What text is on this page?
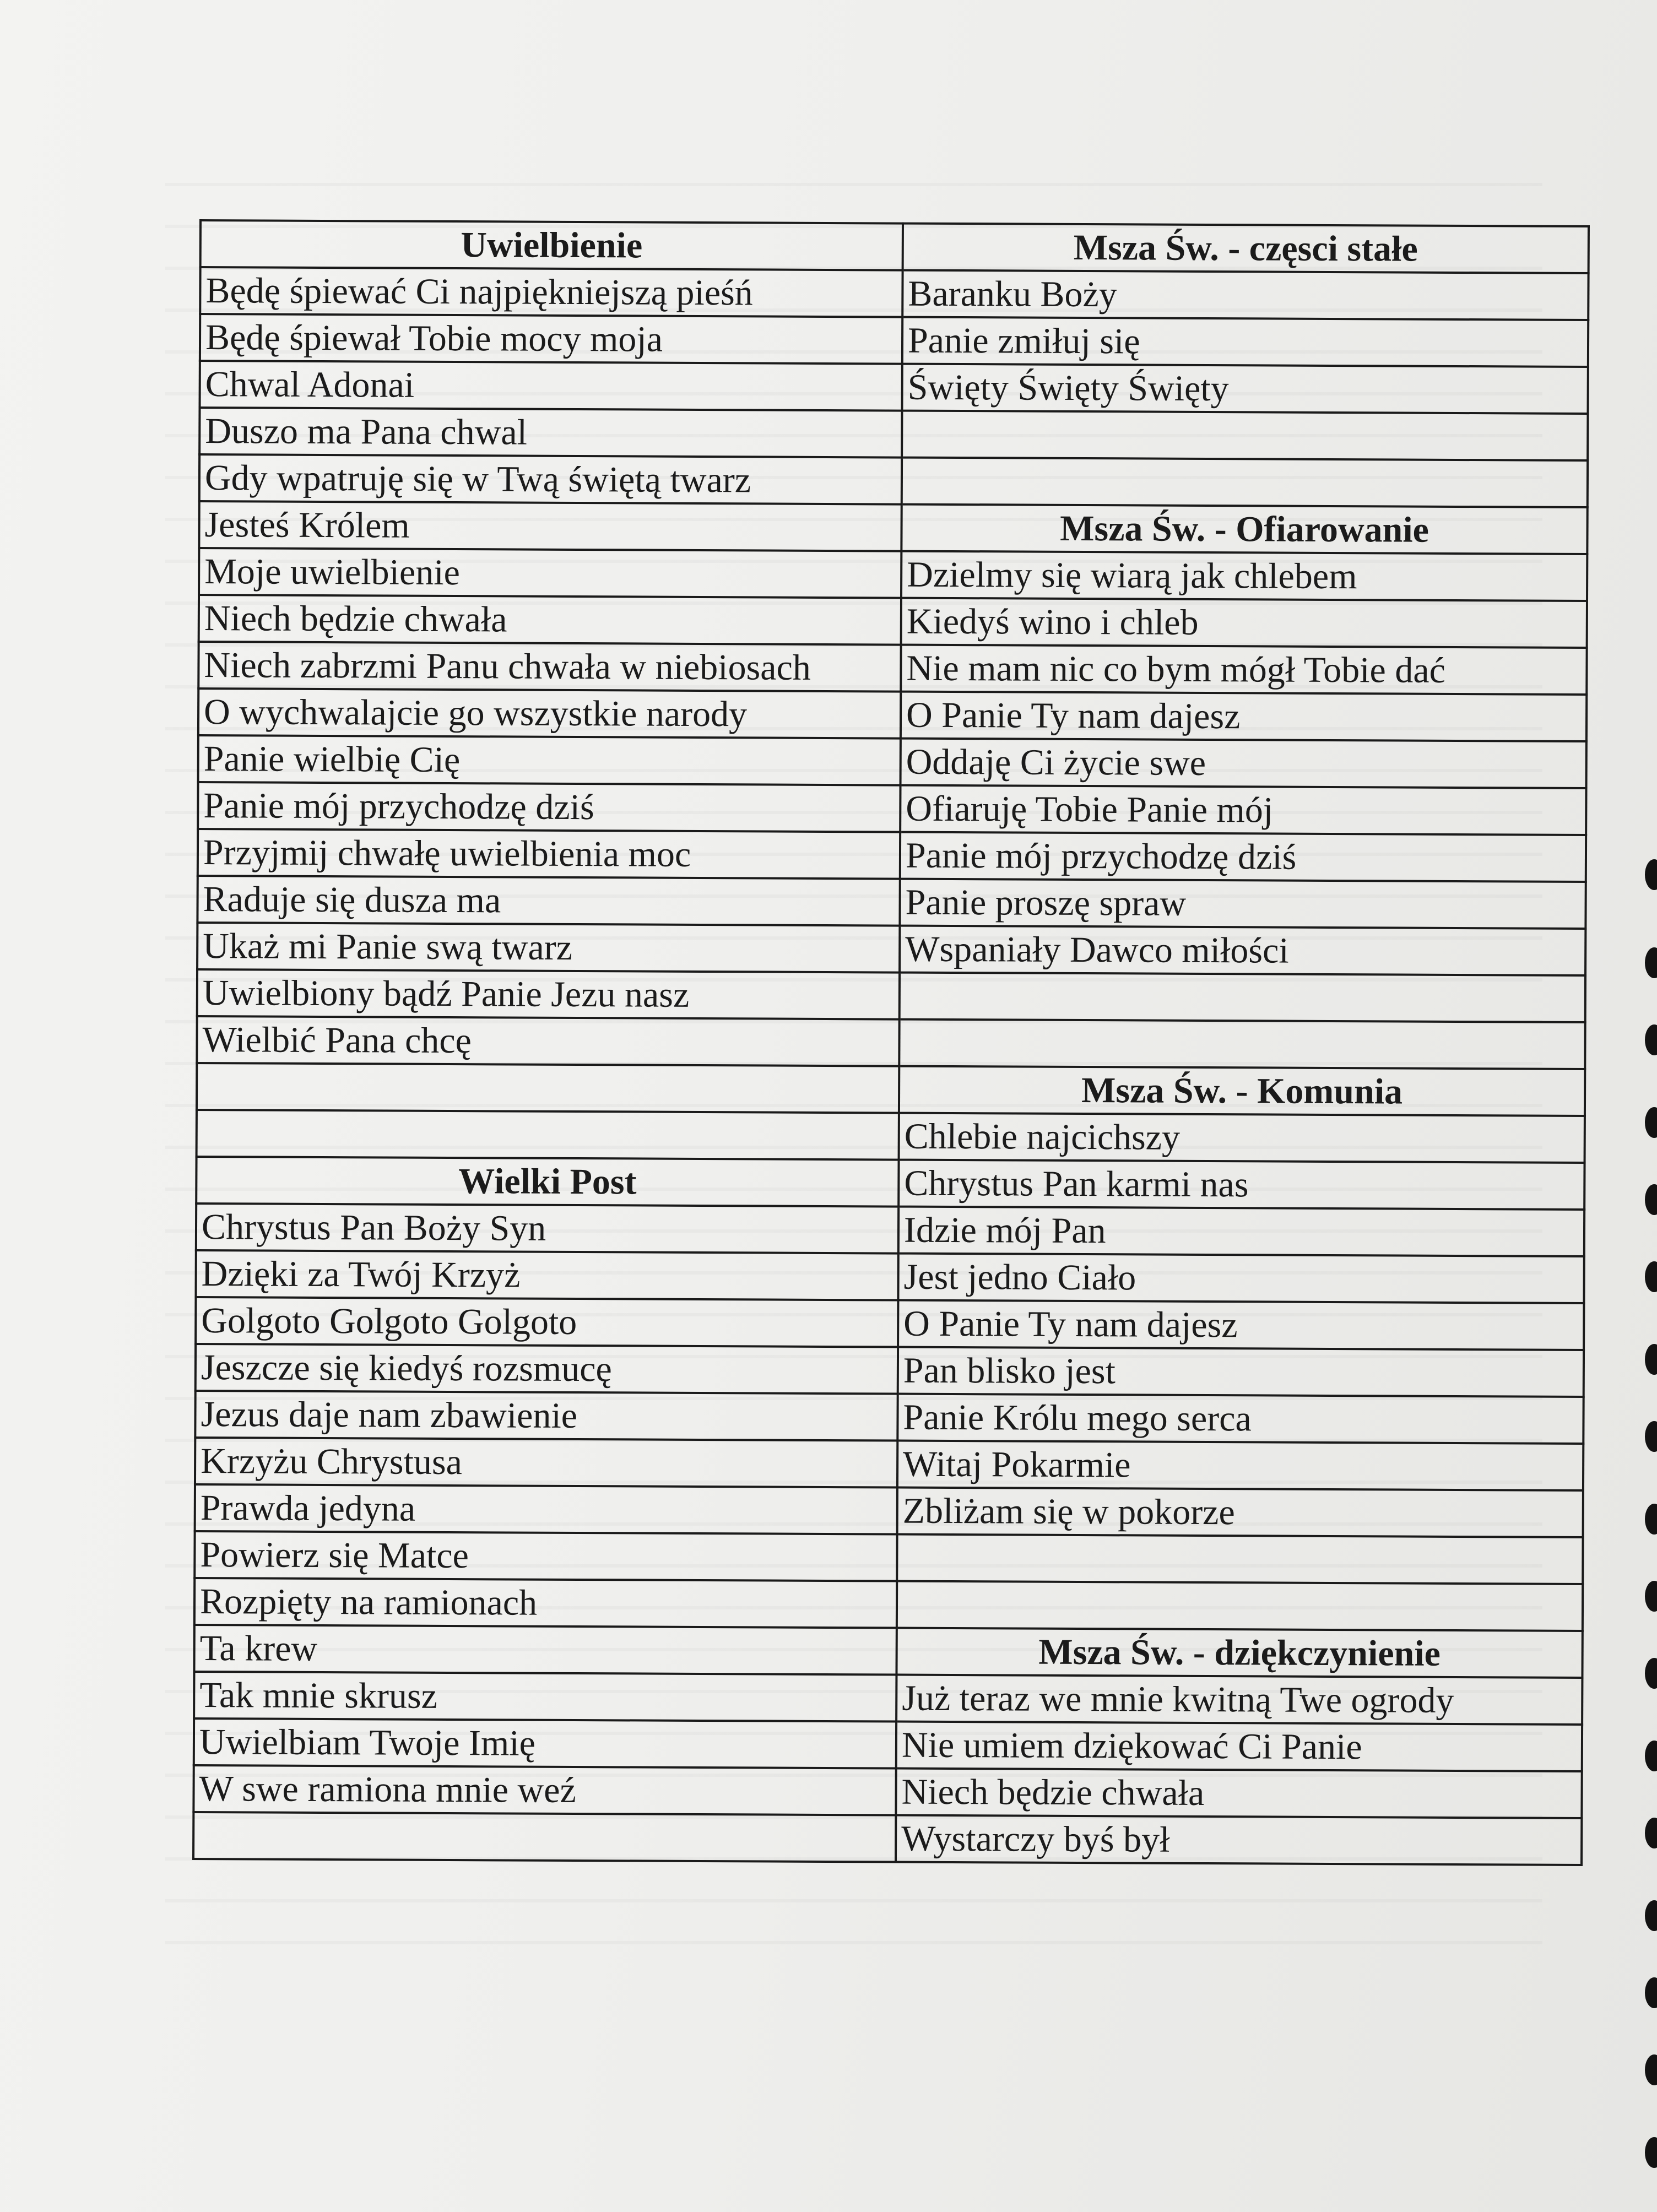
Uwielbienie	Msza Św. - częsci stałe
Będę śpiewać Ci najpiękniejszą pieśń	Baranku Boży
Będę śpiewał Tobie mocy moja	Panie zmiłuj się
Chwal Adonai	Święty Święty Święty
Duszo ma Pana chwal	
Gdy wpatruję się w Twą świętą twarz	
Jesteś Królem	Msza Św. - Ofiarowanie
Moje uwielbienie	Dzielmy się wiarą jak chlebem
Niech będzie chwała	Kiedyś wino i chleb
Niech zabrzmi Panu chwała w niebiosach	Nie mam nic co bym mógł Tobie dać
O wychwalajcie go wszystkie narody	O Panie Ty nam dajesz
Panie wielbię Cię	Oddaję Ci życie swe
Panie mój przychodzę dziś	Ofiaruję Tobie Panie mój
Przyjmij chwałę uwielbienia moc	Panie mój przychodzę dziś
Raduje się dusza ma	Panie proszę spraw
Ukaż mi Panie swą twarz	Wspaniały Dawco miłości
Uwielbiony bądź Panie Jezu nasz	
Wielbić Pana chcę	
	Msza Św. - Komunia
	Chlebie najcichszy
Wielki Post	Chrystus Pan karmi nas
Chrystus Pan Boży Syn	Idzie mój Pan
Dzięki za Twój Krzyż	Jest jedno Ciało
Golgoto Golgoto Golgoto	O Panie Ty nam dajesz
Jeszcze się kiedyś rozsmucę	Pan blisko jest
Jezus daje nam zbawienie	Panie Królu mego serca
Krzyżu Chrystusa	Witaj Pokarmie
Prawda jedyna	Zbliżam się w pokorze
Powierz się Matce	
Rozpięty na ramionach	
Ta krew	Msza Św. - dziękczynienie
Tak mnie skrusz	Już teraz we mnie kwitną Twe ogrody
Uwielbiam Twoje Imię	Nie umiem dziękować Ci Panie
W swe ramiona mnie weź	Niech będzie chwała
	Wystarczy byś był
